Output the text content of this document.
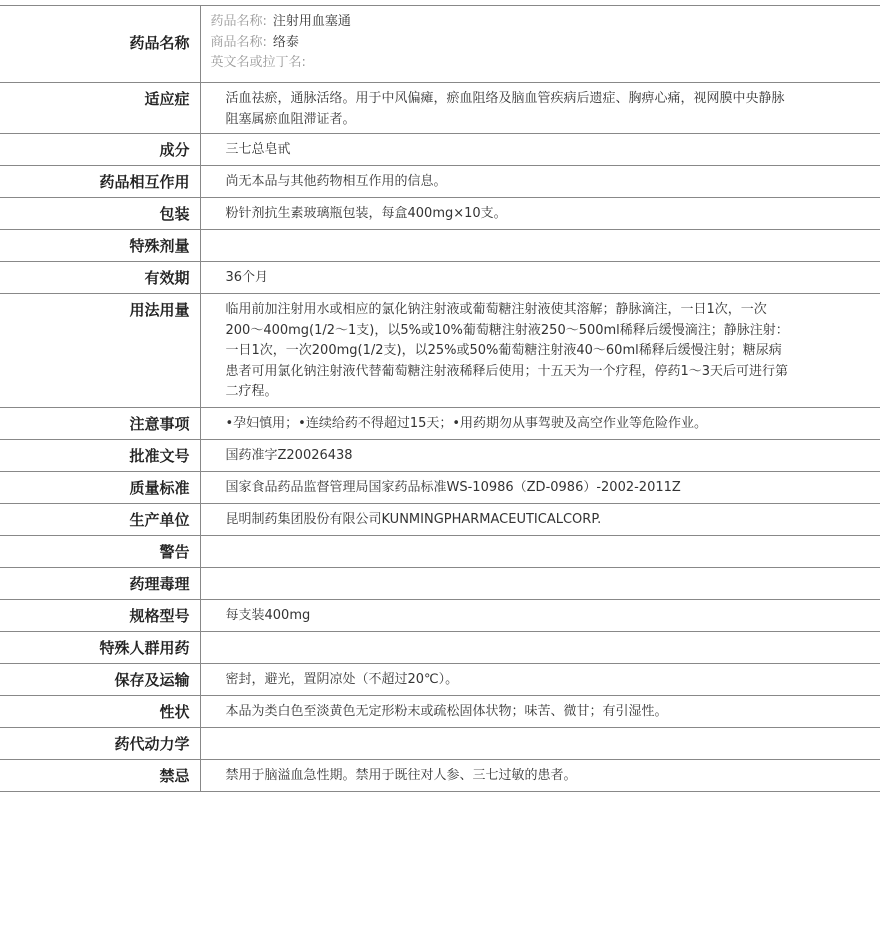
药品名称	药品名称: 注射用血塞通
商品名称: 络泰
英文名或拉丁名:

适应症	活血祛瘀，通脉活络。用于中风偏瘫，瘀血阻络及脑血管疾病后遗症、胸痹心痛，视网膜中央静脉阻塞属瘀血阻滞证者。

成分	三七总皂甙

药品相互作用	尚无本品与其他药物相互作用的信息。

包装	粉针剂抗生素玻璃瓶包装，每盒400mg×10支。

特殊剂量	

有效期	36个月

用法用量	临用前加注射用水或相应的氯化钠注射液或葡萄糖注射液使其溶解；静脉滴注，一日1次，一次200～400mg(1/2～1支)，以5%或10%葡萄糖注射液250～500ml稀释后缓慢滴注；静脉注射：一日1次，一次200mg(1/2支)，以25%或50%葡萄糖注射液40～60ml稀释后缓慢注射；糖尿病患者可用氯化钠注射液代替葡萄糖注射液稀释后使用；十五天为一个疗程，停药1～3天后可进行第二疗程。

注意事项	•孕妇慎用；•连续给药不得超过15天；•用药期勿从事驾驶及高空作业等危险作业。

批准文号	国药准字Z20026438

质量标准	国家食品药品监督管理局国家药品标准WS-10986（ZD-0986）-2002-2011Z

生产单位	昆明制药集团股份有限公司KUNMINGPHARMACEUTICALCORP.

警告	

药理毒理	

规格型号	每支装400mg

特殊人群用药	

保存及运输	密封，避光，置阴凉处（不超过20℃）。

性状	本品为类白色至淡黄色无定形粉末或疏松固体状物；味苦、微甘；有引湿性。

药代动力学	

禁忌	禁用于脑溢血急性期。禁用于既往对人参、三七过敏的患者。
